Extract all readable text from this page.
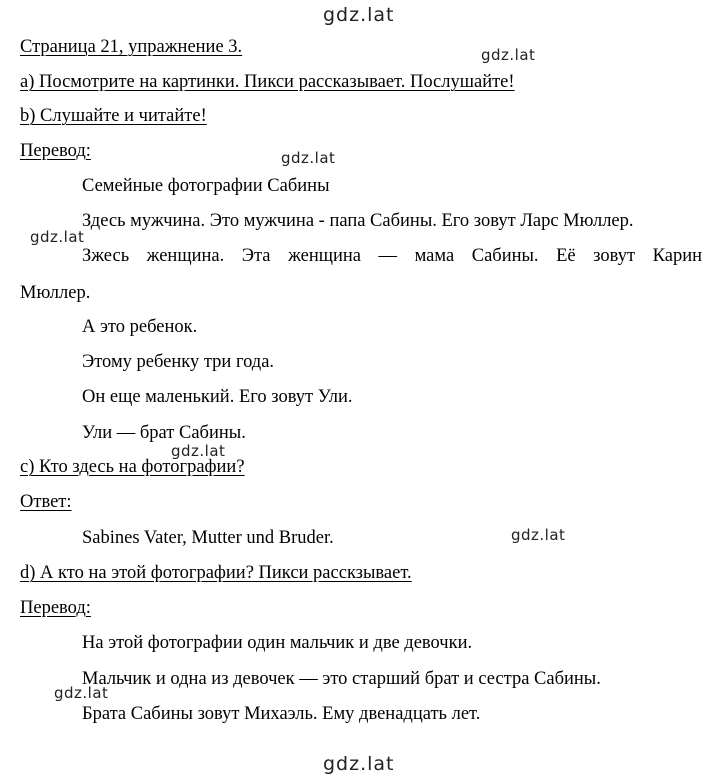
gdz.lat
gdz.lat
gdz.lat
gdz.lat
gdz.lat
gdz.lat
gdz.lat
gdz.lat
Страница 21, упражнение 3.
а) Посмотрите на картинки. Пикси рассказывает. Послушайте!
b) Слушайте и читайте!
Перевод:
Семейные фотографии Сабины
Здесь мужчина. Это мужчина - папа Сабины. Его зовут Ларс Мюллер.
Зжесь женщина. Эта женщина — мама Сабины. Её зовут Карин
Мюллер.
А это ребенок.
Этому ребенку три года.
Он еще маленький. Его зовут Ули.
Ули — брат Сабины.
с) Кто здесь на фотографии?
Ответ:
Sabines Vater, Mutter und Bruder.
d) А кто на этой фотографии? Пикси расскзывает.
Перевод:
На этой фотографии один мальчик и две девочки.
Мальчик и одна из девочек — это старший брат и сестра Сабины.
Брата Сабины зовут Михаэль. Ему двенадцать лет.
